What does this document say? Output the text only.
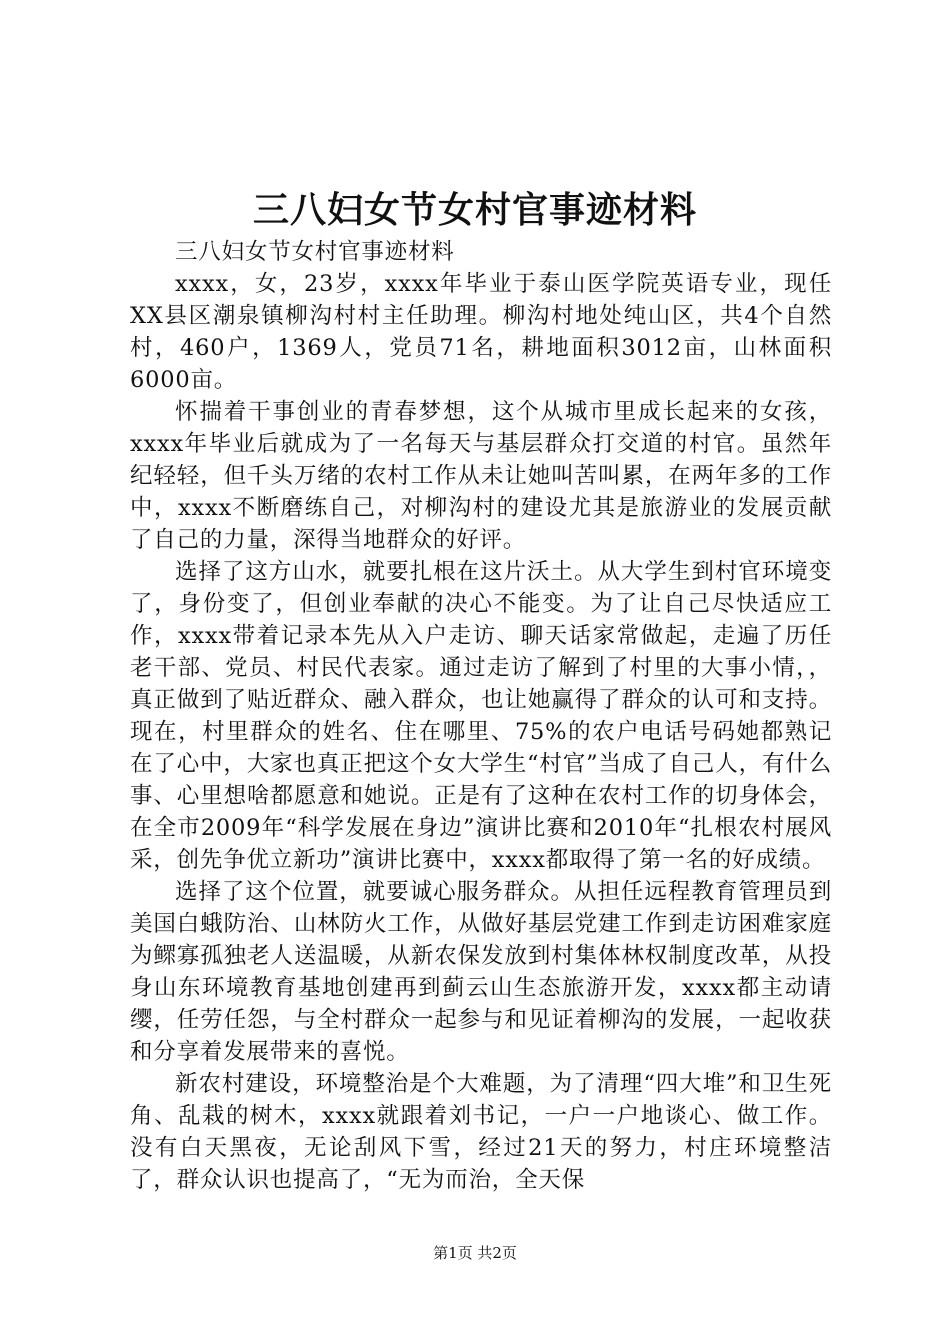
三八妇女节女村官事迹材料

三八妇女节女村官事迹材料

xxxx，女，23岁，xxxx年毕业于泰山医学院英语专业，现任XX县区潮泉镇柳沟村村主任助理。柳沟村地处纯山区，共4个自然村，460户，1369人，党员71名，耕地面积3012亩，山林面积6000亩。

怀揣着干事创业的青春梦想，这个从城市里成长起来的女孩，xxxx年毕业后就成为了一名每天与基层群众打交道的村官。虽然年纪轻轻，但千头万绪的农村工作从未让她叫苦叫累，在两年多的工作中，xxxx不断磨练自己，对柳沟村的建设尤其是旅游业的发展贡献了自己的力量，深得当地群众的好评。

选择了这方山水，就要扎根在这片沃土。从大学生到村官环境变了，身份变了，但创业奉献的决心不能变。为了让自己尽快适应工作，xxxx带着记录本先从入户走访、聊天话家常做起，走遍了历任老干部、党员、村民代表家。通过走访了解到了村里的大事小情，，真正做到了贴近群众、融入群众，也让她赢得了群众的认可和支持。现在，村里群众的姓名、住在哪里、75%的农户电话号码她都熟记在了心中，大家也真正把这个女大学生“村官”当成了自己人，有什么事、心里想啥都愿意和她说。正是有了这种在农村工作的切身体会，在全市2009年“科学发展在身边”演讲比赛和2010年“扎根农村展风采，创先争优立新功”演讲比赛中，xxxx都取得了第一名的好成绩。

选择了这个位置，就要诚心服务群众。从担任远程教育管理员到美国白蛾防治、山林防火工作，从做好基层党建工作到走访困难家庭为鳏寡孤独老人送温暖，从新农保发放到村集体林权制度改革，从投身山东环境教育基地创建再到蓟云山生态旅游开发，xxxx都主动请缨，任劳任怨，与全村群众一起参与和见证着柳沟的发展，一起收获和分享着发展带来的喜悦。

新农村建设，环境整治是个大难题，为了清理“四大堆”和卫生死角、乱栽的树木，xxxx就跟着刘书记，一户一户地谈心、做工作。没有白天黑夜，无论刮风下雪，经过21天的努力，村庄环境整洁了，群众认识也提高了，“无为而治，全天保

第1页 共2页
